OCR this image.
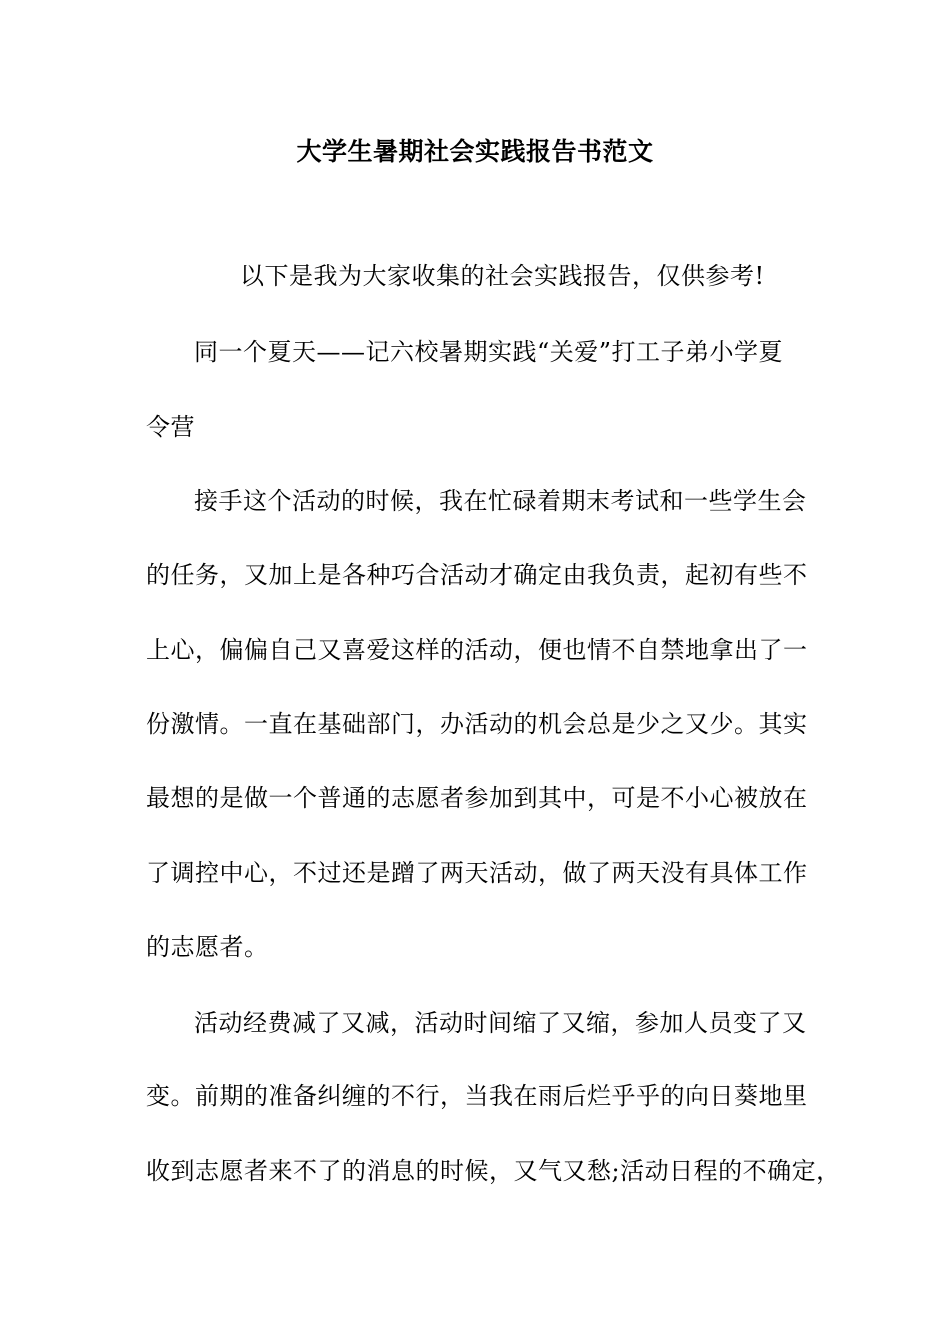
大学生暑期社会实践报告书范文
以下是我为大家收集的社会实践报告，仅供参考!
同一个夏天——记六校暑期实践“关爱”打工子弟小学夏
令营
接手这个活动的时候，我在忙碌着期末考试和一些学生会
的任务，又加上是各种巧合活动才确定由我负责，起初有些不
上心，偏偏自己又喜爱这样的活动，便也情不自禁地拿出了一
份激情。一直在基础部门，办活动的机会总是少之又少。其实
最想的是做一个普通的志愿者参加到其中，可是不小心被放在
了调控中心，不过还是蹭了两天活动，做了两天没有具体工作
的志愿者。
活动经费减了又减，活动时间缩了又缩，参加人员变了又
变。前期的准备纠缠的不行，当我在雨后烂乎乎的向日葵地里
收到志愿者来不了的消息的时候，又气又愁;活动日程的不确定，
